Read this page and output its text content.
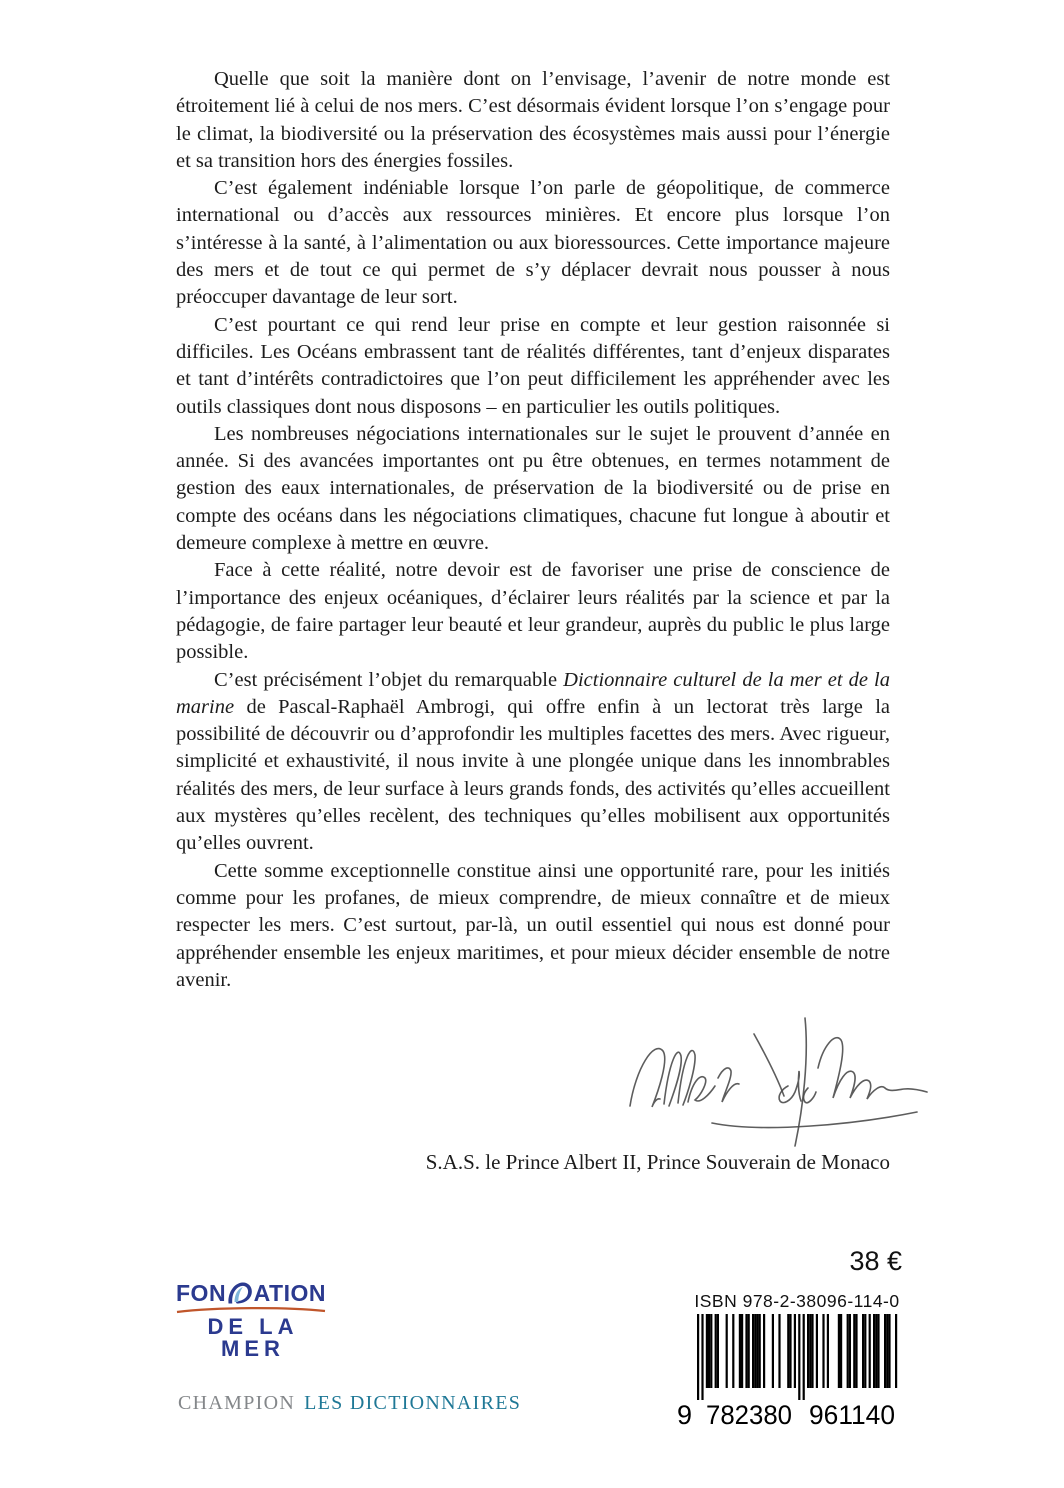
Quelle que soit la manière dont on l’envisage, l’avenir de notre monde est étroitement lié à celui de nos mers. C’est désormais évident lorsque l’on s’engage pour le climat, la biodiversité ou la préservation des écosystèmes mais aussi pour l’énergie et sa transition hors des énergies fossiles.

C’est également indéniable lorsque l’on parle de géopolitique, de commerce international ou d’accès aux ressources minières. Et encore plus lorsque l’on s’intéresse à la santé, à l’alimentation ou aux bioressources. Cette importance majeure des mers et de tout ce qui permet de s’y déplacer devrait nous pousser à nous préoccuper davantage de leur sort.

C’est pourtant ce qui rend leur prise en compte et leur gestion raisonnée si difficiles. Les Océans embrassent tant de réalités différentes, tant d’enjeux disparates et tant d’intérêts contradictoires que l’on peut difficilement les appréhender avec les outils classiques dont nous disposons – en particulier les outils politiques.

Les nombreuses négociations internationales sur le sujet le prouvent d’année en année. Si des avancées importantes ont pu être obtenues, en termes notamment de gestion des eaux internationales, de préservation de la biodiversité ou de prise en compte des océans dans les négociations climatiques, chacune fut longue à aboutir et demeure complexe à mettre en œuvre.

Face à cette réalité, notre devoir est de favoriser une prise de conscience de l’importance des enjeux océaniques, d’éclairer leurs réalités par la science et par la pédagogie, de faire partager leur beauté et leur grandeur, auprès du public le plus large possible.

C’est précisément l’objet du remarquable Dictionnaire culturel de la mer et de la marine de Pascal-Raphaël Ambrogi, qui offre enfin à un lectorat très large la possibilité de découvrir ou d’approfondir les multiples facettes des mers. Avec rigueur, simplicité et exhaustivité, il nous invite à une plongée unique dans les innombrables réalités des mers, de leur surface à leurs grands fonds, des activités qu’elles accueillent aux mystères qu’elles recèlent, des techniques qu’elles mobilisent aux opportunités qu’elles ouvrent.

Cette somme exceptionnelle constitue ainsi une opportunité rare, pour les initiés comme pour les profanes, de mieux comprendre, de mieux connaître et de mieux respecter les mers. C’est surtout, par-là, un outil essentiel qui nous est donné pour appréhender ensemble les enjeux maritimes, et pour mieux décider ensemble de notre avenir.

S.A.S. le Prince Albert II, Prince Souverain de Monaco
38 €
ISBN 978-2-38096-114-0
9 782380 961140
FON ATION
DE LA MER
CHAMPION LES DICTIONNAIRES
